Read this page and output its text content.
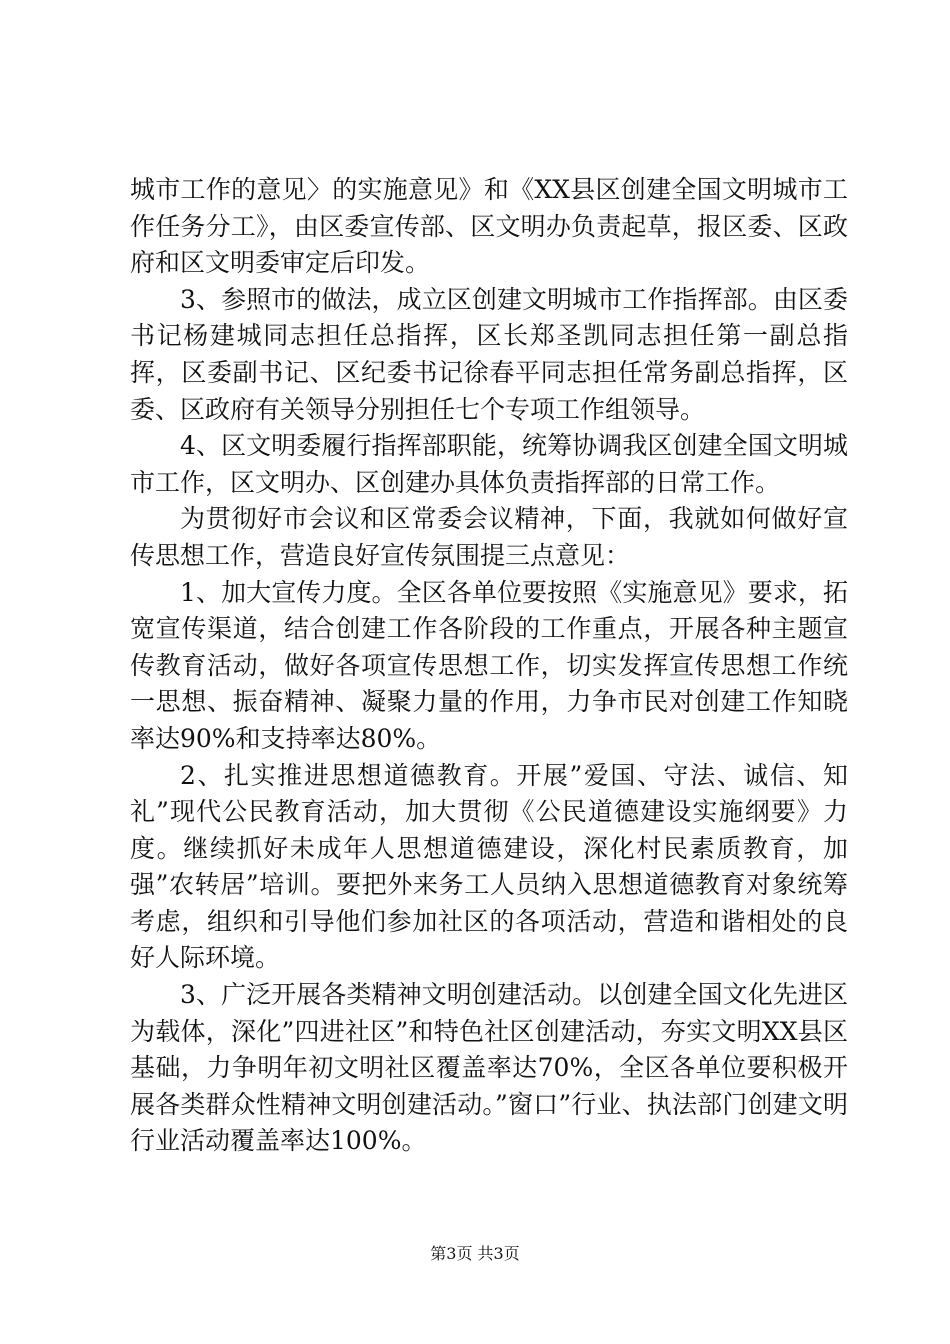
城市工作的意见〉的实施意见》和《XX县区创建全国文明城市工作任务分工》，由区委宣传部、区文明办负责起草，报区委、区政府和区文明委审定后印发。

3、参照市的做法，成立区创建文明城市工作指挥部。由区委书记杨建城同志担任总指挥，区长郑圣凯同志担任第一副总指挥，区委副书记、区纪委书记徐春平同志担任常务副总指挥，区委、区政府有关领导分别担任七个专项工作组领导。

4、区文明委履行指挥部职能，统筹协调我区创建全国文明城市工作，区文明办、区创建办具体负责指挥部的日常工作。

为贯彻好市会议和区常委会议精神，下面，我就如何做好宣传思想工作，营造良好宣传氛围提三点意见：

1、加大宣传力度。全区各单位要按照《实施意见》要求，拓宽宣传渠道，结合创建工作各阶段的工作重点，开展各种主题宣传教育活动，做好各项宣传思想工作，切实发挥宣传思想工作统一思想、振奋精神、凝聚力量的作用，力争市民对创建工作知晓率达90%和支持率达80%。

2、扎实推进思想道德教育。开展”爱国、守法、诚信、知礼”现代公民教育活动，加大贯彻《公民道德建设实施纲要》力度。继续抓好未成年人思想道德建设，深化村民素质教育，加强”农转居”培训。要把外来务工人员纳入思想道德教育对象统筹考虑，组织和引导他们参加社区的各项活动，营造和谐相处的良好人际环境。

3、广泛开展各类精神文明创建活动。以创建全国文化先进区为载体，深化”四进社区”和特色社区创建活动，夯实文明XX县区基础，力争明年初文明社区覆盖率达70%，全区各单位要积极开展各类群众性精神文明创建活动。”窗口”行业、执法部门创建文明行业活动覆盖率达100%。

第3页 共3页
